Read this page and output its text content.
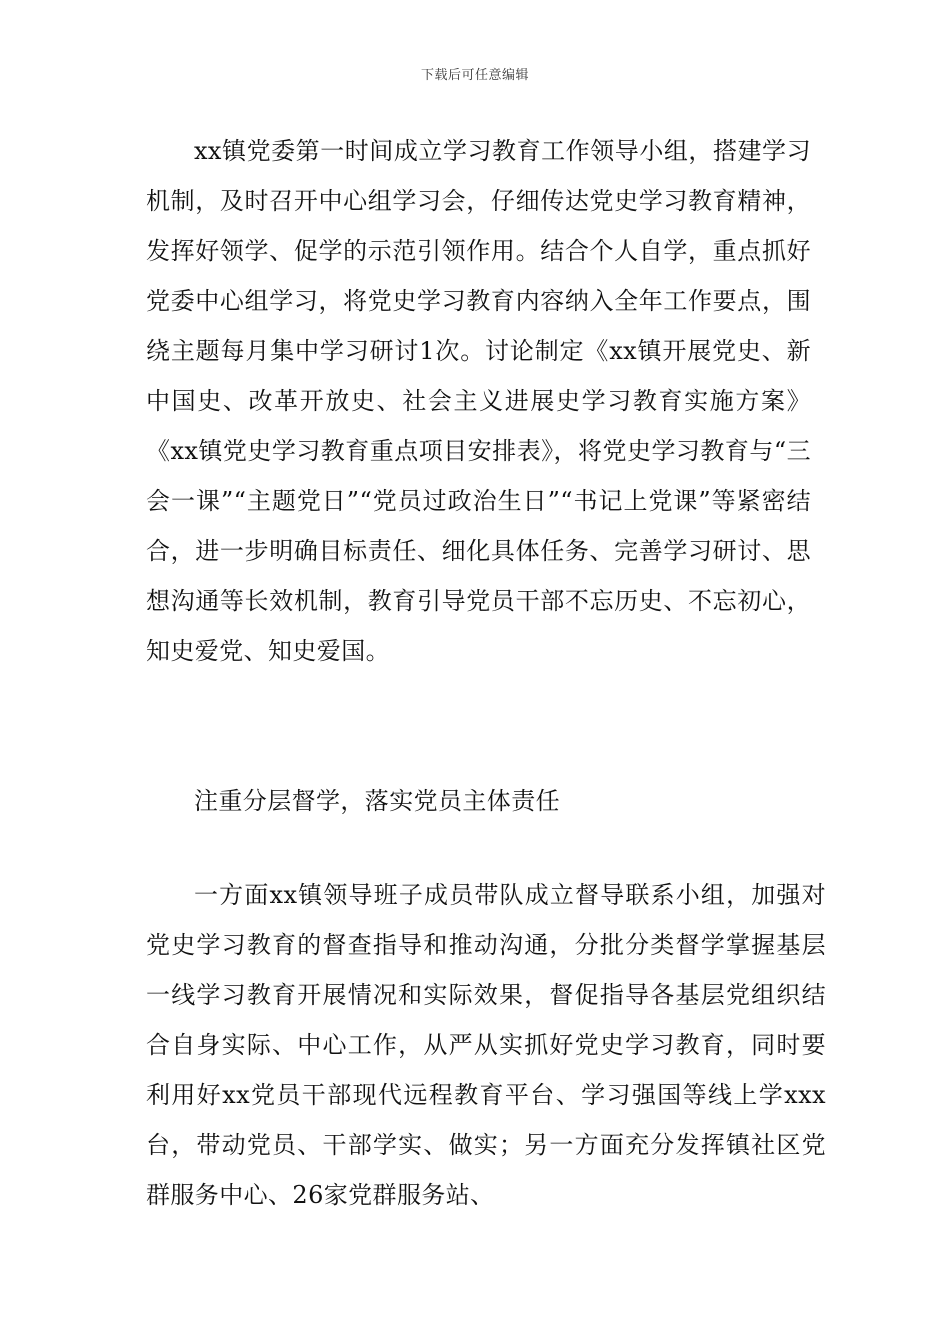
下载后可任意编辑

xx镇党委第一时间成立学习教育工作领导小组，搭建学习机制，及时召开中心组学习会，仔细传达党史学习教育精神，发挥好领学、促学的示范引领作用。结合个人自学，重点抓好党委中心组学习，将党史学习教育内容纳入全年工作要点，围绕主题每月集中学习研讨1次。讨论制定《xx镇开展党史、新中国史、改革开放史、社会主义进展史学习教育实施方案》《xx镇党史学习教育重点项目安排表》，将党史学习教育与“三会一课”“主题党日”“党员过政治生日”“书记上党课”等紧密结合，进一步明确目标责任、细化具体任务、完善学习研讨、思想沟通等长效机制，教育引导党员干部不忘历史、不忘初心，知史爱党、知史爱国。

注重分层督学，落实党员主体责任

一方面xx镇领导班子成员带队成立督导联系小组，加强对党史学习教育的督查指导和推动沟通，分批分类督学掌握基层一线学习教育开展情况和实际效果，督促指导各基层党组织结合自身实际、中心工作，从严从实抓好党史学习教育，同时要利用好xx党员干部现代远程教育平台、学习强国等线上学xxx台，带动党员、干部学实、做实；另一方面充分发挥镇社区党群服务中心、26家党群服务站、
